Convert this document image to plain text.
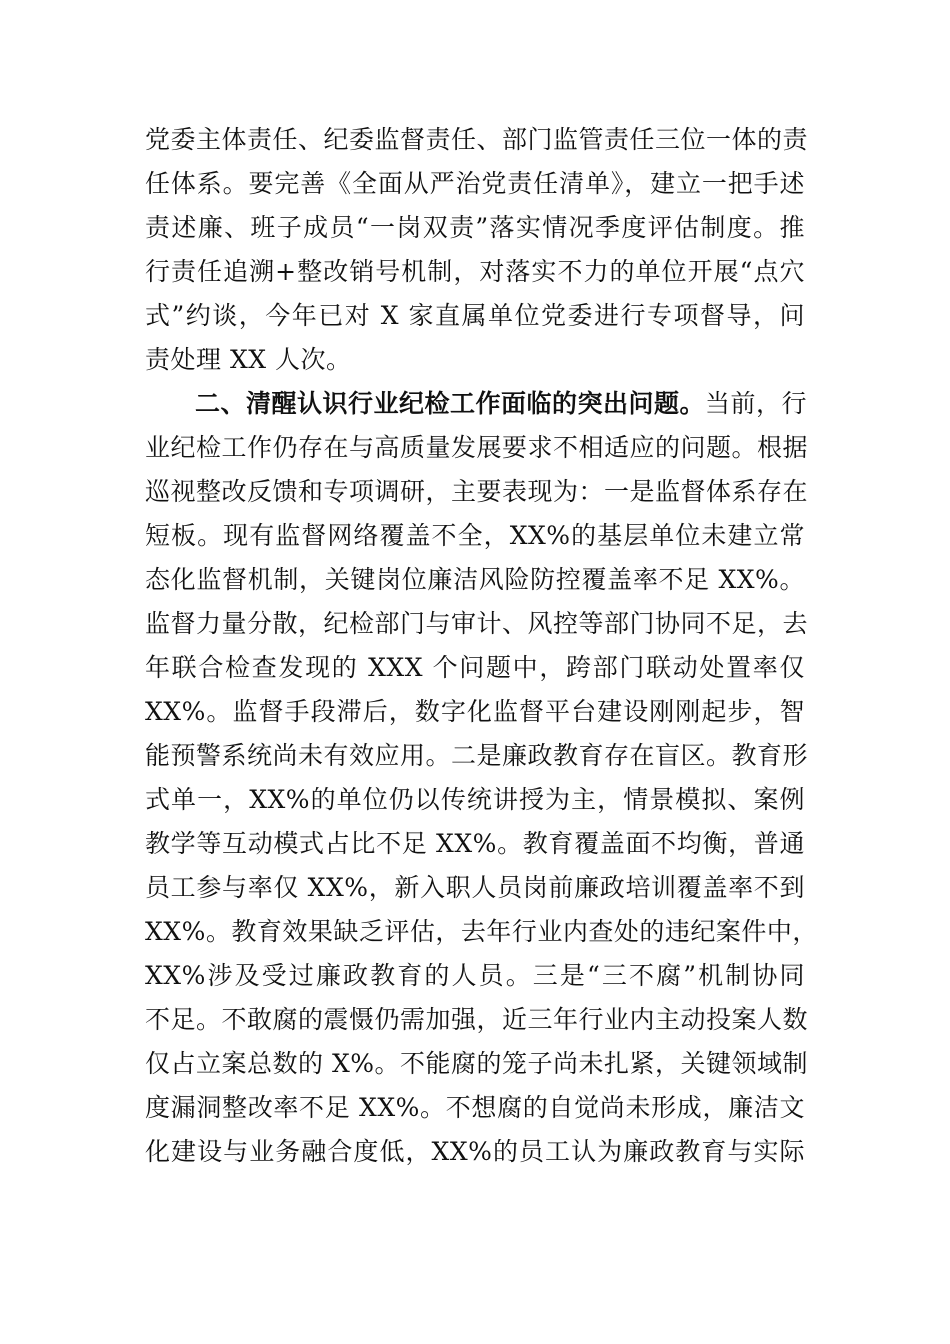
党委主体责任、纪委监督责任、部门监管责任三位一体的责
任体系。要完善《全面从严治党责任清单》，建立一把手述
责述廉、班子成员“一岗双责”落实情况季度评估制度。推
行责任追溯+整改销号机制，对落实不力的单位开展“点穴
式”约谈，今年已对 X 家直属单位党委进行专项督导，问
责处理 XX 人次。
二、清醒认识行业纪检工作面临的突出问题。当前，行
业纪检工作仍存在与高质量发展要求不相适应的问题。根据
巡视整改反馈和专项调研，主要表现为：一是监督体系存在
短板。现有监督网络覆盖不全，XX%的基层单位未建立常
态化监督机制，关键岗位廉洁风险防控覆盖率不足 XX%。
监督力量分散，纪检部门与审计、风控等部门协同不足，去
年联合检查发现的 XXX 个问题中，跨部门联动处置率仅
XX%。监督手段滞后，数字化监督平台建设刚刚起步，智
能预警系统尚未有效应用。二是廉政教育存在盲区。教育形
式单一，XX%的单位仍以传统讲授为主，情景模拟、案例
教学等互动模式占比不足 XX%。教育覆盖面不均衡，普通
员工参与率仅 XX%，新入职人员岗前廉政培训覆盖率不到
XX%。教育效果缺乏评估，去年行业内查处的违纪案件中，
XX%涉及受过廉政教育的人员。三是“三不腐”机制协同
不足。不敢腐的震慑仍需加强，近三年行业内主动投案人数
仅占立案总数的 X%。不能腐的笼子尚未扎紧，关键领域制
度漏洞整改率不足 XX%。不想腐的自觉尚未形成，廉洁文
化建设与业务融合度低，XX%的员工认为廉政教育与实际
